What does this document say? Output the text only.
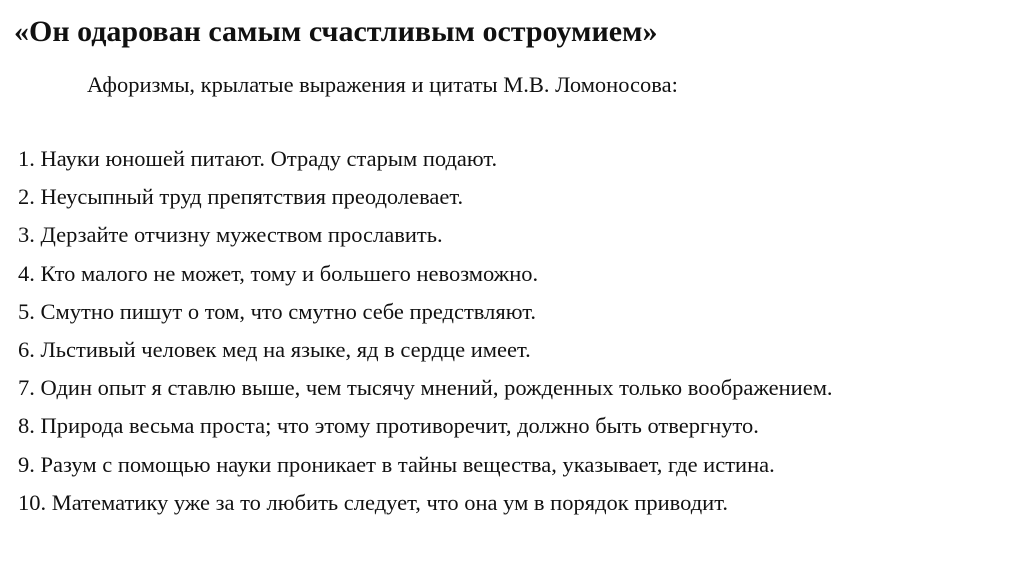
«Он одарован самым счастливым остроумием»
Афоризмы, крылатые выражения и цитаты М.В. Ломоносова:
1. Науки юношей питают. Отраду старым подают.
2. Неусыпный труд препятствия преодолевает.
3. Дерзайте отчизну мужеством прославить.
4. Кто малого не может, тому и большего невозможно.
5. Смутно пишут о том, что смутно себе предствляют.
6. Льстивый человек мед на языке, яд в сердце имеет.
7. Один опыт я ставлю выше, чем тысячу мнений, рожденных только воображением.
8. Природа весьма проста; что этому противоречит, должно быть отвергнуто.
9. Разум с помощью науки проникает в тайны вещества, указывает, где истина.
10. Математику уже за то любить следует, что она ум в порядок приводит.
